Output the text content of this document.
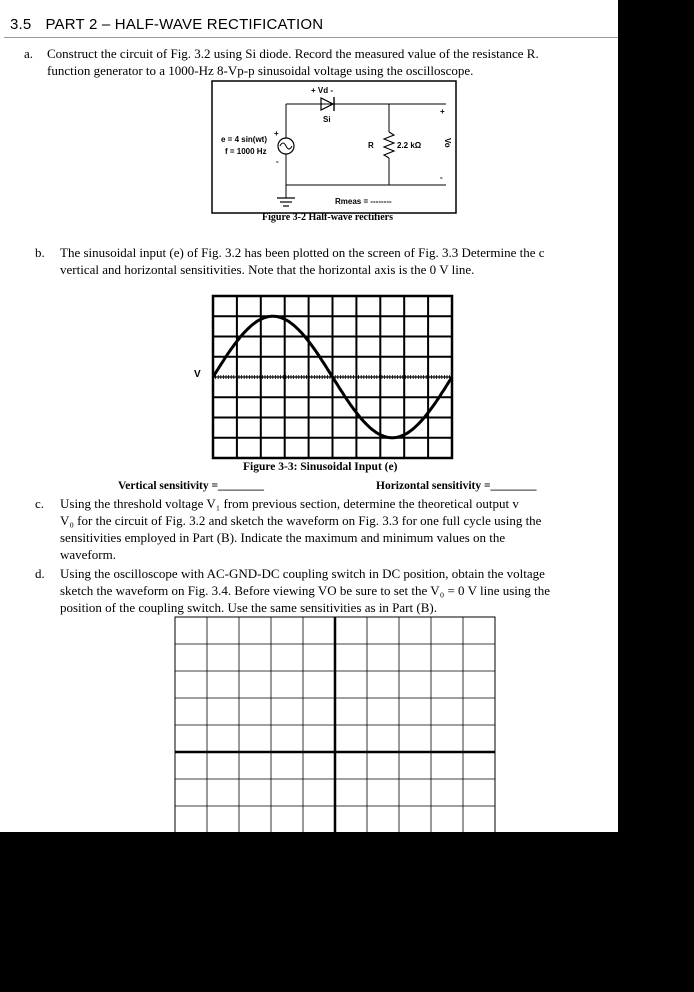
3.5 PART 2 – HALF-WAVE RECTIFICATION
a. Construct the circuit of Fig. 3.2 using Si diode. Record the measured value of the resistance R.
function generator to a 1000-Hz 8-Vp-p sinusoidal voltage using the oscilloscope.
+ Vd -
Si
e = 4 sin(wt)
f = 1000 Hz
+
-
R	2.2 kΩ
+
-
Vo
Rmeas = --------
Figure 3-2 Half-wave rectifiers
b. The sinusoidal input (e) of Fig. 3.2 has been plotted on the screen of Fig. 3.3 Determine the c
vertical and horizontal sensitivities. Note that the horizontal axis is the 0 V line.
V
Figure 3-3: Sinusoidal Input (e)
Vertical sensitivity =________	Horizontal sensitivity =________
c. Using the threshold voltage V₁ from previous section, determine the theoretical output v
V₀ for the circuit of Fig. 3.2 and sketch the waveform on Fig. 3.3 for one full cycle using the
sensitivities employed in Part (B). Indicate the maximum and minimum values on the
waveform.
d. Using the oscilloscope with AC-GND-DC coupling switch in DC position, obtain the voltage
sketch the waveform on Fig. 3.4. Before viewing VO be sure to set the V₀ = 0 V line using the
position of the coupling switch. Use the same sensitivities as in Part (B).
